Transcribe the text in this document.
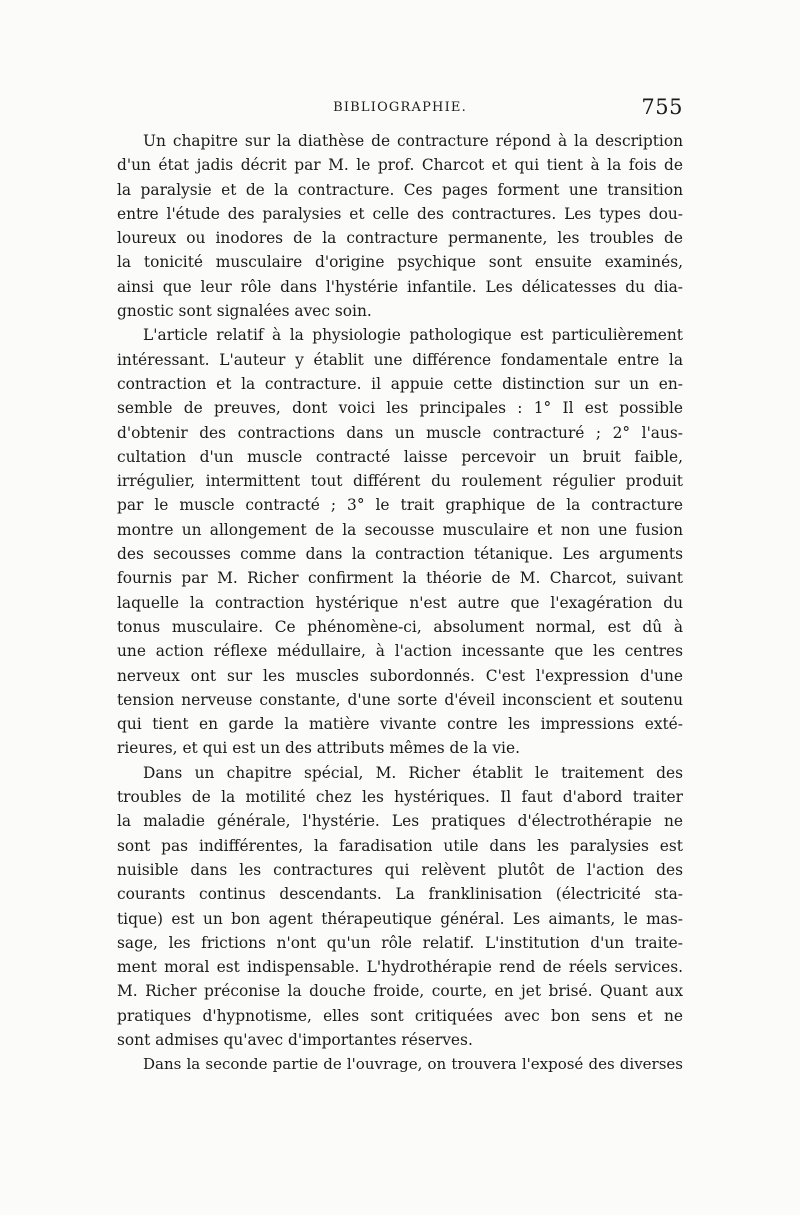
BIBLIOGRAPHIE.	755
Un chapitre sur la diathèse de contracture répond à la description
d'un état jadis décrit par M. le prof. Charcot et qui tient à la fois de
la paralysie et de la contracture. Ces pages forment une transition
entre l'étude des paralysies et celle des contractures. Les types dou-
loureux ou inodores de la contracture permanente, les troubles de
la tonicité musculaire d'origine psychique sont ensuite examinés,
ainsi que leur rôle dans l'hystérie infantile. Les délicatesses du dia-
gnostic sont signalées avec soin.
L'article relatif à la physiologie pathologique est particulièrement
intéressant. L'auteur y établit une différence fondamentale entre la
contraction et la contracture. il appuie cette distinction sur un en-
semble de preuves, dont voici les principales : 1° Il est possible
d'obtenir des contractions dans un muscle contracturé ; 2° l'aus-
cultation d'un muscle contracté laisse percevoir un bruit faible,
irrégulier, intermittent tout différent du roulement régulier produit
par le muscle contracté ; 3° le trait graphique de la contracture
montre un allongement de la secousse musculaire et non une fusion
des secousses comme dans la contraction tétanique. Les arguments
fournis par M. Richer confirment la théorie de M. Charcot, suivant
laquelle la contraction hystérique n'est autre que l'exagération du
tonus musculaire. Ce phénomène-ci, absolument normal, est dû à
une action réflexe médullaire, à l'action incessante que les centres
nerveux ont sur les muscles subordonnés. C'est l'expression d'une
tension nerveuse constante, d'une sorte d'éveil inconscient et soutenu
qui tient en garde la matière vivante contre les impressions exté-
rieures, et qui est un des attributs mêmes de la vie.
Dans un chapitre spécial, M. Richer établit le traitement des
troubles de la motilité chez les hystériques. Il faut d'abord traiter
la maladie générale, l'hystérie. Les pratiques d'électrothérapie ne
sont pas indifférentes, la faradisation utile dans les paralysies est
nuisible dans les contractures qui relèvent plutôt de l'action des
courants continus descendants. La franklinisation (électricité sta-
tique) est un bon agent thérapeutique général. Les aimants, le mas-
sage, les frictions n'ont qu'un rôle relatif. L'institution d'un traite-
ment moral est indispensable. L'hydrothérapie rend de réels services.
M. Richer préconise la douche froide, courte, en jet brisé. Quant aux
pratiques d'hypnotisme, elles sont critiquées avec bon sens et ne
sont admises qu'avec d'importantes réserves.
Dans la seconde partie de l'ouvrage, on trouvera l'exposé des diverses
